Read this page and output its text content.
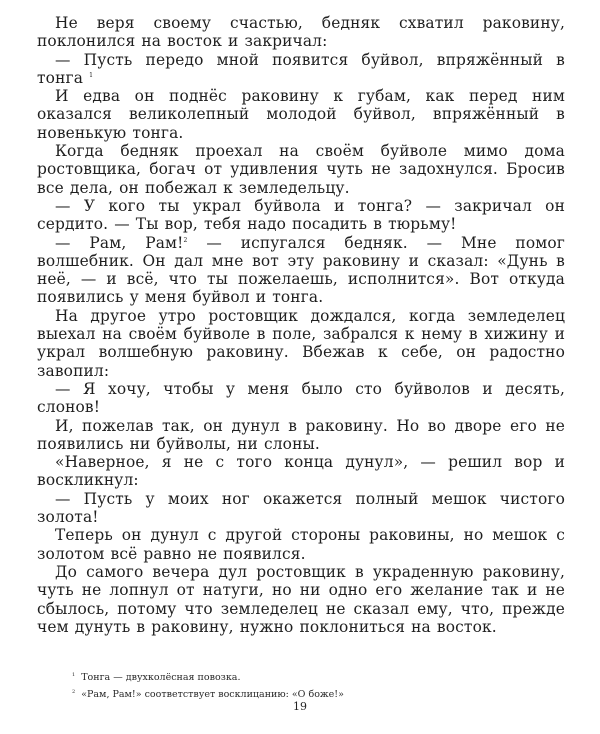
Не веря своему счастью, бедняк схватил раковину, поклонился на восток и закричал:

— Пусть передо мной появится буйвол, впряжённый в тонга $^1$

И едва он поднёс раковину к губам, как перед ним оказался великолепный молодой буйвол, впряжённый в новенькую тонга.

Когда бедняк проехал на своём буйволе мимо дома ростовщика, богач от удивления чуть не задохнулся. Бросив все дела, он побежал к земледельцу.

— У кого ты украл буйвола и тонга? — закричал он сердито. — Ты вор, тебя надо посадить в тюрьму!

— Рам, Рам!$^2$ — испугался бедняк. — Мне помог волшебник. Он дал мне вот эту раковину и сказал: «Дунь в неё, — и всё, что ты пожелаешь, исполнится». Вот откуда появились у меня буйвол и тонга.

На другое утро ростовщик дождался, когда земледелец выехал на своём буйволе в поле, забрался к нему в хижину и украл волшебную раковину. Вбежав к себе, он радостно завопил:

— Я хочу, чтобы у меня было сто буйволов и десять, слонов!

И, пожелав так, он дунул в раковину. Но во дворе его не появились ни буйволы, ни слоны.

«Наверное, я не с того конца дунул», — решил вор и воскликнул:

— Пусть у моих ног окажется полный мешок чистого золота!

Теперь он дунул с другой стороны раковины, но мешок с золотом всё равно не появился.

До самого вечера дул ростовщик в украденную раковину, чуть не лопнул от натуги, но ни одно его желание так и не сбылось, потому что земледелец не сказал ему, что, прежде чем дунуть в раковину, нужно поклониться на восток.

$^1$ Тонга — двухколёсная повозка.

$^2$ «Рам, Рам!» соответствует восклицанию: «О боже!»

19
